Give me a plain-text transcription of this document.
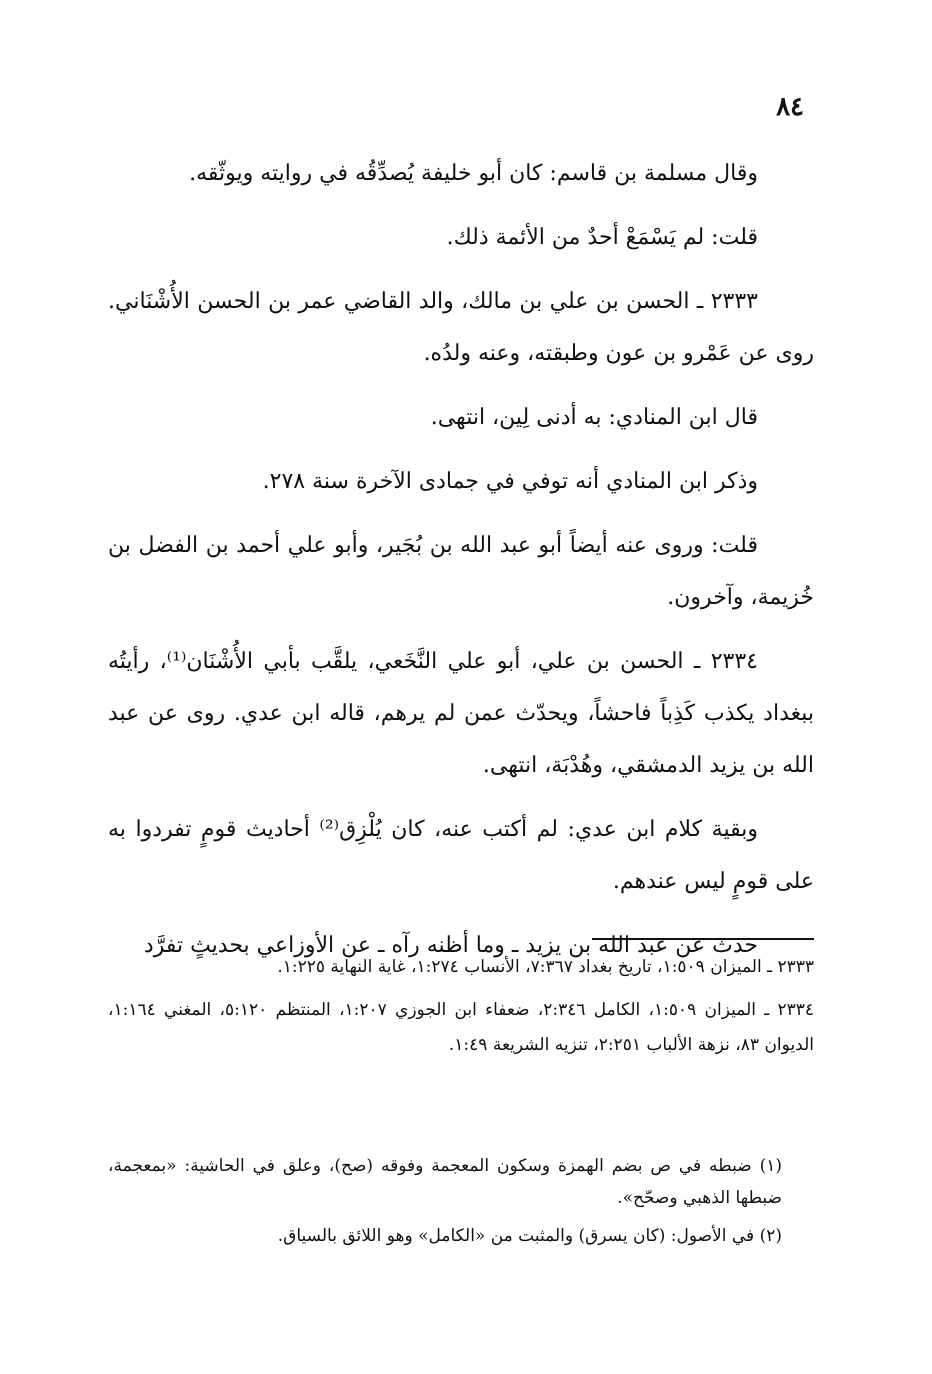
٨٤

وقال مسلمة بن قاسم: كان أبو خليفة يُصدِّقُه في روايته ويوثّقه.

قلت: لم يَسْمَعْ أحدٌ من الأئمة ذلك.

٢٣٣٣ ـ الحسن بن علي بن مالك، والد القاضي عمر بن الحسن الأُشْنَاني. روى عن عَمْرو بن عون وطبقته، وعنه ولدُه.

قال ابن المنادي: به أدنى لِين، انتهى.

وذكر ابن المنادي أنه توفي في جمادى الآخرة سنة ٢٧٨.

قلت: وروى عنه أيضاً أبو عبد الله بن بُجَير، وأبو علي أحمد بن الفضل بن خُزيمة، وآخرون.

٢٣٣٤ ـ الحسن بن علي، أبو علي النَّخَعي، يلقَّب بأبي الأُشْنَان⁽¹⁾، رأيتُه ببغداد يكذب كَذِباً فاحشاً، ويحدّث عمن لم يرهم، قاله ابن عدي. روى عن عبد الله بن يزيد الدمشقي، وهُدْبَة، انتهى.

وبقية كلام ابن عدي: لم أكتب عنه، كان يُلْزِق⁽²⁾ أحاديث قومٍ تفردوا به على قومٍ ليس عندهم.

حدث عن عبد الله بن يزيد ـ وما أظنه رآه ـ عن الأوزاعي بحديثٍ تفرَّد

٢٣٣٣ ـ الميزان ١:٥٠٩، تاريخ بغداد ٧:٣٦٧، الأنساب ١:٢٧٤، غاية النهاية ١:٢٢٥.

٢٣٣٤ ـ الميزان ١:٥٠٩، الكامل ٢:٣٤٦، ضعفاء ابن الجوزي ١:٢٠٧، المنتظم ٥:١٢٠، المغني ١:١٦٤، الديوان ٨٣، نزهة الألباب ٢:٢٥١، تنزيه الشريعة ١:٤٩.

(١) ضبطه في ص بضم الهمزة وسكون المعجمة وفوقه (صح)، وعلق في الحاشية: «بمعجمة، ضبطها الذهبي وصحّح».

(٢) في الأصول: (كان يسرق) والمثبت من «الكامل» وهو اللائق بالسياق.
